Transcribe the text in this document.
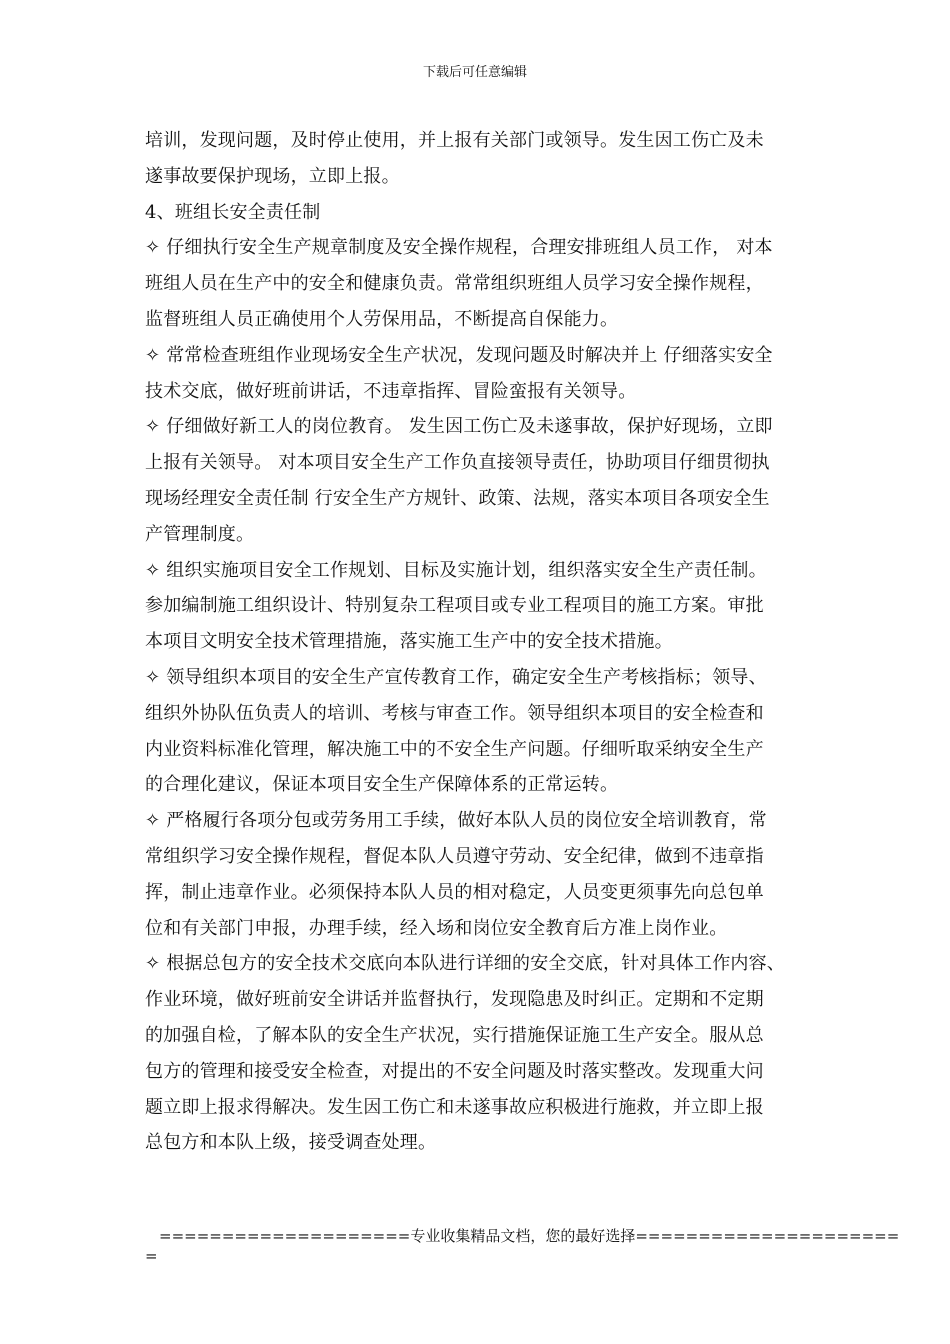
下载后可任意编辑
培训，发现问题，及时停止使用，并上报有关部门或领导。发生因工伤亡及未
遂事故要保护现场，立即上报。
4、班组长安全责任制
✧ 仔细执行安全生产规章制度及安全操作规程，合理安排班组人员工作， 对本
班组人员在生产中的安全和健康负责。常常组织班组人员学习安全操作规程，
监督班组人员正确使用个人劳保用品，不断提高自保能力。
✧ 常常检查班组作业现场安全生产状况，发现问题及时解决并上 仔细落实安全
技术交底，做好班前讲话，不违章指挥、冒险蛮报有关领导。
✧ 仔细做好新工人的岗位教育。 发生因工伤亡及未遂事故，保护好现场，立即
上报有关领导。 对本项目安全生产工作负直接领导责任，协助项目仔细贯彻执
现场经理安全责任制 行安全生产方规针、政策、法规，落实本项目各项安全生
产管理制度。
✧ 组织实施项目安全工作规划、目标及实施计划，组织落实安全生产责任制。
参加编制施工组织设计、特别复杂工程项目或专业工程项目的施工方案。审批
本项目文明安全技术管理措施，落实施工生产中的安全技术措施。
✧ 领导组织本项目的安全生产宣传教育工作，确定安全生产考核指标；领导、
组织外协队伍负责人的培训、考核与审查工作。领导组织本项目的安全检查和
内业资料标准化管理，解决施工中的不安全生产问题。仔细听取采纳安全生产
的合理化建议，保证本项目安全生产保障体系的正常运转。
✧ 严格履行各项分包或劳务用工手续，做好本队人员的岗位安全培训教育，常
常组织学习安全操作规程，督促本队人员遵守劳动、安全纪律，做到不违章指
挥，制止违章作业。必须保持本队人员的相对稳定，人员变更须事先向总包单
位和有关部门申报，办理手续，经入场和岗位安全教育后方准上岗作业。
✧ 根据总包方的安全技术交底向本队进行详细的安全交底，针对具体工作内容、
作业环境，做好班前安全讲话并监督执行，发现隐患及时纠正。定期和不定期
的加强自检，了解本队的安全生产状况，实行措施保证施工生产安全。服从总
包方的管理和接受安全检查，对提出的不安全问题及时落实整改。发现重大问
题立即上报求得解决。发生因工伤亡和未遂事故应积极进行施救，并立即上报
总包方和本队上级，接受调查处理。
====================专业收集精品文档，您的最好选择=====================
=
